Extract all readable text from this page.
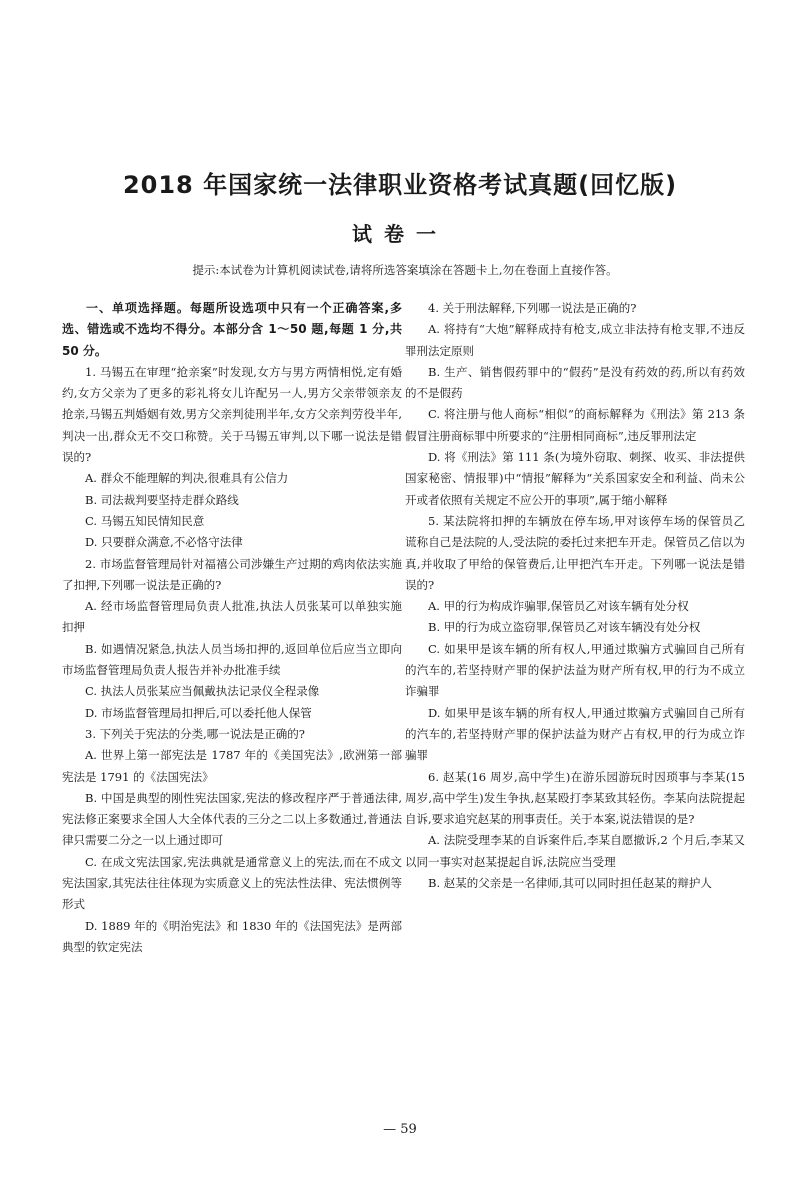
2018 年国家统一法律职业资格考试真题(回忆版)
试卷一
提示:本试卷为计算机阅读试卷,请将所选答案填涂在答题卡上,勿在卷面上直接作答。

一、单项选择题。每题所设选项中只有一个正确答案,多选、错选或不选均不得分。本部分含 1～50 题,每题 1 分,共 50 分。

1. 马锡五在审理“抢亲案”时发现,女方与男方两情相悦,定有婚约,女方父亲为了更多的彩礼将女儿许配另一人,男方父亲带领亲友抢亲,马锡五判婚姻有效,男方父亲判徒刑半年,女方父亲判劳役半年,判决一出,群众无不交口称赞。关于马锡五审判,以下哪一说法是错误的?

A. 群众不能理解的判决,很难具有公信力

B. 司法裁判要坚持走群众路线

C. 马锡五知民情知民意

D. 只要群众满意,不必恪守法律

2. 市场监督管理局针对福禧公司涉嫌生产过期的鸡肉依法实施了扣押,下列哪一说法是正确的?

A. 经市场监督管理局负责人批准,执法人员张某可以单独实施扣押

B. 如遇情况紧急,执法人员当场扣押的,返回单位后应当立即向市场监督管理局负责人报告并补办批准手续

C. 执法人员张某应当佩戴执法记录仪全程录像

D. 市场监督管理局扣押后,可以委托他人保管

3. 下列关于宪法的分类,哪一说法是正确的?

A. 世界上第一部宪法是 1787 年的《美国宪法》,欧洲第一部宪法是 1791 的《法国宪法》

B. 中国是典型的刚性宪法国家,宪法的修改程序严于普通法律,宪法修正案要求全国人大全体代表的三分之二以上多数通过,普通法律只需要二分之一以上通过即可

C. 在成文宪法国家,宪法典就是通常意义上的宪法,而在不成文宪法国家,其宪法往往体现为实质意义上的宪法性法律、宪法惯例等形式

D. 1889 年的《明治宪法》和 1830 年的《法国宪法》是两部典型的钦定宪法

4. 关于刑法解释,下列哪一说法是正确的?

A. 将持有“大炮”解释成持有枪支,成立非法持有枪支罪,不违反罪刑法定原则

B. 生产、销售假药罪中的“假药”是没有药效的药,所以有药效的不是假药

C. 将注册与他人商标“相似”的商标解释为《刑法》第 213 条假冒注册商标罪中所要求的“注册相同商标”,违反罪刑法定

D. 将《刑法》第 111 条(为境外窃取、刺探、收买、非法提供国家秘密、情报罪)中“情报”解释为“关系国家安全和利益、尚未公开或者依照有关规定不应公开的事项”,属于缩小解释

5. 某法院将扣押的车辆放在停车场,甲对该停车场的保管员乙谎称自己是法院的人,受法院的委托过来把车开走。保管员乙信以为真,并收取了甲给的保管费后,让甲把汽车开走。下列哪一说法是错误的?

A. 甲的行为构成诈骗罪,保管员乙对该车辆有处分权

B. 甲的行为成立盗窃罪,保管员乙对该车辆没有处分权

C. 如果甲是该车辆的所有权人,甲通过欺骗方式骗回自己所有的汽车的,若坚持财产罪的保护法益为财产所有权,甲的行为不成立诈骗罪

D. 如果甲是该车辆的所有权人,甲通过欺骗方式骗回自己所有的汽车的,若坚持财产罪的保护法益为财产占有权,甲的行为成立诈骗罪

6. 赵某(16 周岁,高中学生)在游乐园游玩时因琐事与李某(15 周岁,高中学生)发生争执,赵某殴打李某致其轻伤。李某向法院提起自诉,要求追究赵某的刑事责任。关于本案,说法错误的是?

A. 法院受理李某的自诉案件后,李某自愿撤诉,2 个月后,李某又以同一事实对赵某提起自诉,法院应当受理

B. 赵某的父亲是一名律师,其可以同时担任赵某的辩护人

— 59
